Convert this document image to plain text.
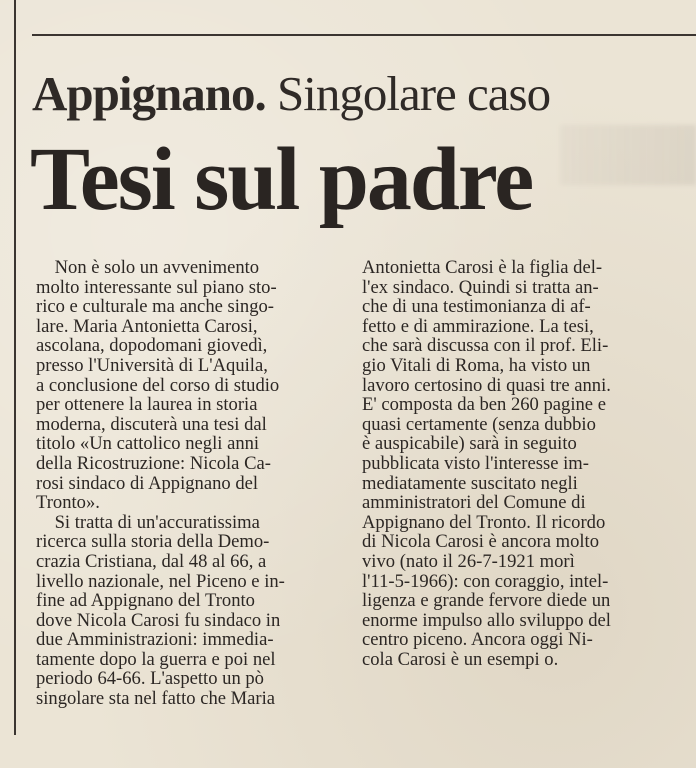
Appignano. Singolare caso
Tesi sul padre
Non è solo un avvenimento
molto interessante sul piano sto-
rico e culturale ma anche singo-
lare. Maria Antonietta Carosi,
ascolana, dopodomani giovedì,
presso l'Università di L'Aquila,
a conclusione del corso di studio
per ottenere la laurea in storia
moderna, discuterà una tesi dal
titolo «Un cattolico negli anni
della Ricostruzione: Nicola Ca-
rosi sindaco di Appignano del
Tronto».
Si tratta di un'accuratissima
ricerca sulla storia della Demo-
crazia Cristiana, dal 48 al 66, a
livello nazionale, nel Piceno e in-
fine ad Appignano del Tronto
dove Nicola Carosi fu sindaco in
due Amministrazioni: immedia-
tamente dopo la guerra e poi nel
periodo 64-66. L'aspetto un pò
singolare sta nel fatto che Maria
Antonietta Carosi è la figlia del-
l'ex sindaco. Quindi si tratta an-
che di una testimonianza di af-
fetto e di ammirazione. La tesi,
che sarà discussa con il prof. Eli-
gio Vitali di Roma, ha visto un
lavoro certosino di quasi tre anni.
E' composta da ben 260 pagine e
quasi certamente (senza dubbio
è auspicabile) sarà in seguito
pubblicata visto l'interesse im-
mediatamente suscitato negli
amministratori del Comune di
Appignano del Tronto. Il ricordo
di Nicola Carosi è ancora molto
vivo (nato il 26-7-1921 morì
l'11-5-1966): con coraggio, intel-
ligenza e grande fervore diede un
enorme impulso allo sviluppo del
centro piceno. Ancora oggi Ni-
cola Carosi è un esempi o.
